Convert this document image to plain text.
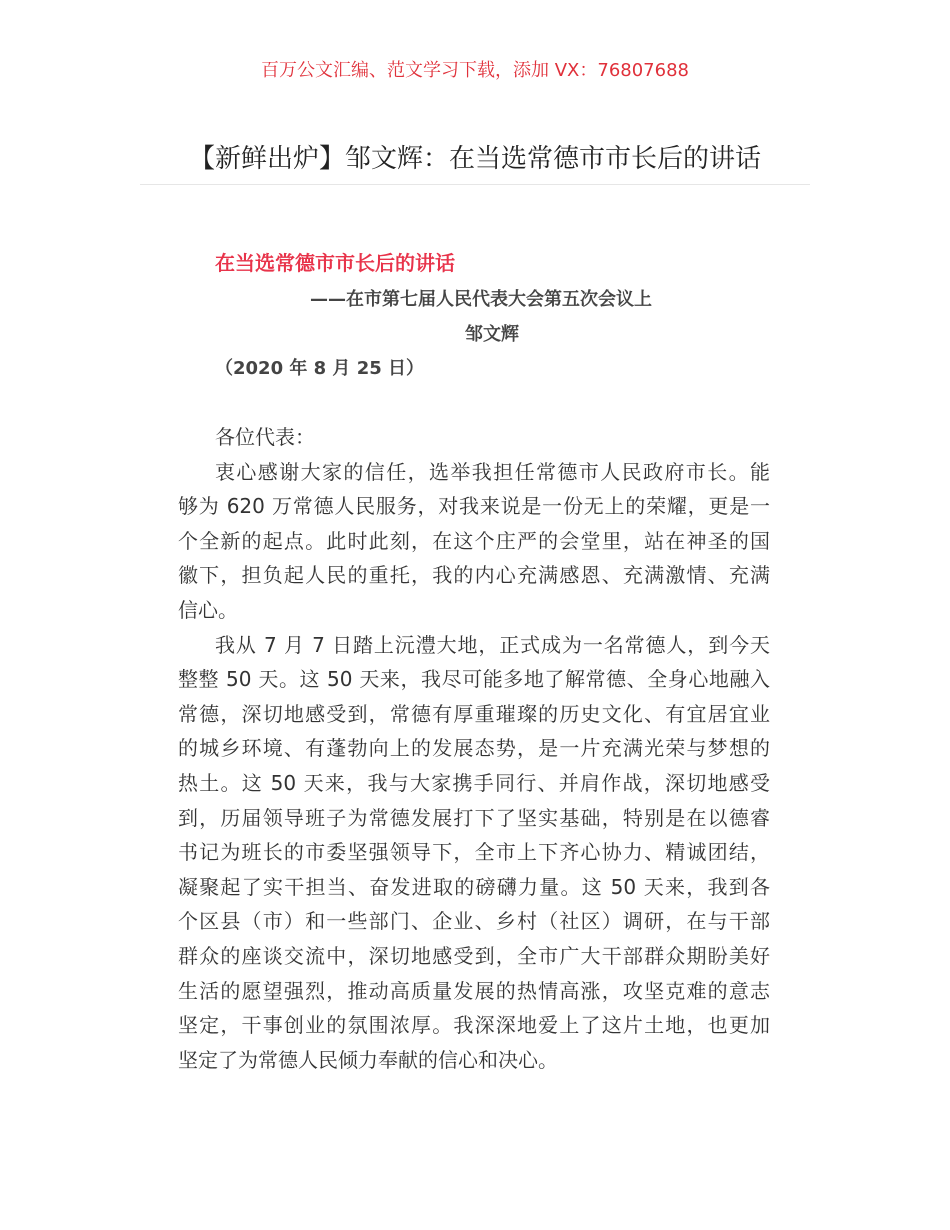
百万公文汇编、范文学习下载，添加 VX：76807688
【新鲜出炉】邹文辉：在当选常德市市长后的讲话
在当选常德市市长后的讲话
——在市第七届人民代表大会第五次会议上
邹文辉
（2020 年 8 月 25 日）
各位代表：
衷心感谢大家的信任，选举我担任常德市人民政府市长。能
够为 620 万常德人民服务，对我来说是一份无上的荣耀，更是一
个全新的起点。此时此刻，在这个庄严的会堂里，站在神圣的国
徽下，担负起人民的重托，我的内心充满感恩、充满激情、充满
信心。
我从 7 月 7 日踏上沅澧大地，正式成为一名常德人，到今天
整整 50 天。这 50 天来，我尽可能多地了解常德、全身心地融入
常德，深切地感受到，常德有厚重璀璨的历史文化、有宜居宜业
的城乡环境、有蓬勃向上的发展态势，是一片充满光荣与梦想的
热土。这 50 天来，我与大家携手同行、并肩作战，深切地感受
到，历届领导班子为常德发展打下了坚实基础，特别是在以德睿
书记为班长的市委坚强领导下，全市上下齐心协力、精诚团结，
凝聚起了实干担当、奋发进取的磅礴力量。这 50 天来，我到各
个区县（市）和一些部门、企业、乡村（社区）调研，在与干部
群众的座谈交流中，深切地感受到，全市广大干部群众期盼美好
生活的愿望强烈，推动高质量发展的热情高涨，攻坚克难的意志
坚定，干事创业的氛围浓厚。我深深地爱上了这片土地，也更加
坚定了为常德人民倾力奉献的信心和决心。
